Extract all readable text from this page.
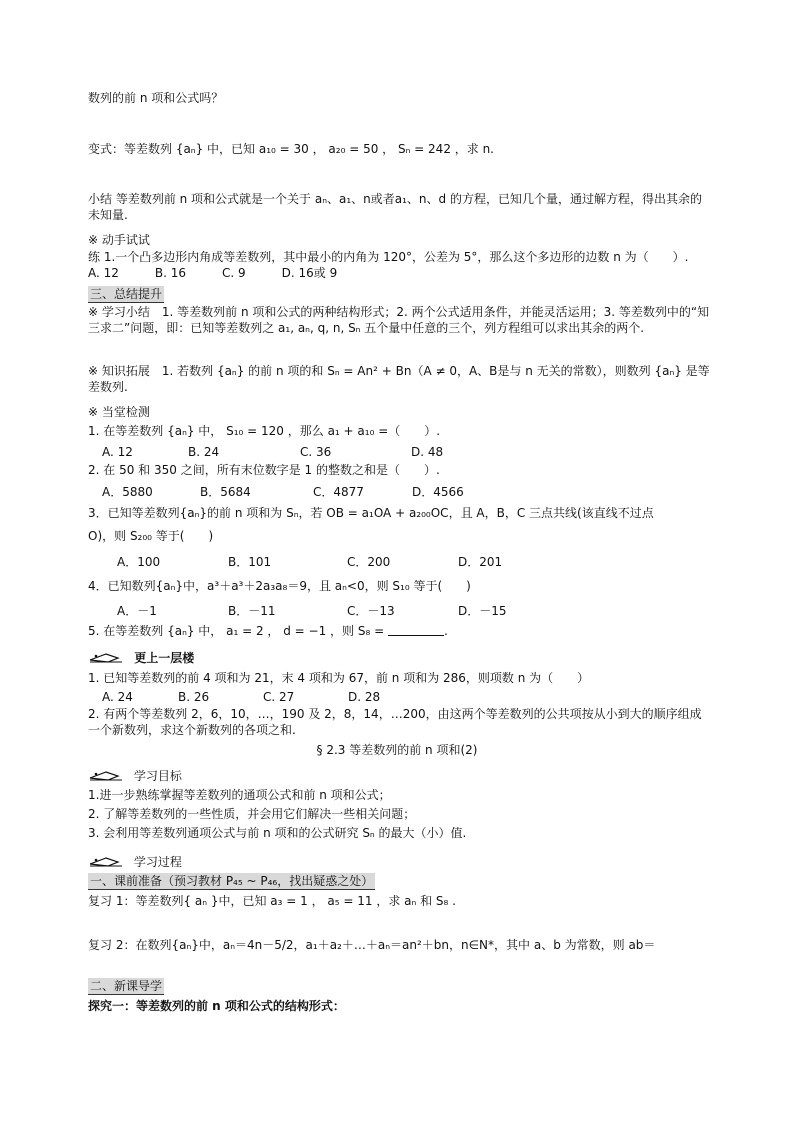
数列的前 n 项和公式吗？
变式：等差数列 {aₙ} 中，已知 a₁₀ = 30 ， a₂₀ = 50 ， Sₙ = 242 ，求 n.
小结 等差数列前 n 项和公式就是一个关于 aₙ、a₁、n或者a₁、n、d 的方程，已知几个量，通过解方程，得出其余的未知量.
※ 动手试试
练 1.一个凸多边形内角成等差数列，其中最小的内角为 120°，公差为 5°，那么这个多边形的边数 n 为（　　）.　A. 12　　　B. 16　　　C. 9　　　D. 16或 9
三、总结提升
※ 学习小结　1. 等差数列前 n 项和公式的两种结构形式；2. 两个公式适用条件，并能灵活运用；3. 等差数列中的“知三求二”问题，即：已知等差数列之 a₁, aₙ, q, n, Sₙ 五个量中任意的三个，列方程组可以求出其余的两个.
※ 知识拓展　1. 若数列 {aₙ} 的前 n 项的和 Sₙ = An² + Bn（A ≠ 0，A、B是与 n 无关的常数），则数列 {aₙ} 是等差数列.
※ 当堂检测
1. 在等差数列 {aₙ} 中， S₁₀ = 120 ，那么 a₁ + a₁₀ =（　　）.
A. 12	B. 24	C. 36	D. 48
2. 在 50 和 350 之间，所有末位数字是 1 的整数之和是（　　）.
A．5880	B．5684	C．4877	D．4566
3．已知等差数列{aₙ}的前 n 项和为 Sₙ，若 OB = a₁OA + a₂₀₀OC，且 A，B，C 三点共线(该直线不过点
O)，则 S₂₀₀ 等于(　　)
A．100	B．101	C．200	D．201
4．已知数列{aₙ}中，a³＋a³＋2a₃a₈＝9，且 aₙ<0，则 S₁₀ 等于(　　)
A．－1	B．－11	C．－13	D．－15
5. 在等差数列 {aₙ} 中， a₁ = 2 ， d = −1 ，则 S₈ =	.
更上一层楼
1. 已知等差数列的前 4 项和为 21，末 4 项和为 67，前 n 项和为 286，则项数 n 为（　　）
A. 24	B. 26	C. 27	D. 28
2. 有两个等差数列 2，6，10，…，190 及 2，8，14，…200，由这两个等差数列的公共项按从小到大的顺序组成一个新数列，求这个新数列的各项之和.
§ 2.3 等差数列的前 n 项和(2)
学习目标
1.进一步熟练掌握等差数列的通项公式和前 n 项和公式；
2. 了解等差数列的一些性质，并会用它们解决一些相关问题；
3. 会利用等差数列通项公式与前 n 项和的公式研究 Sₙ 的最大（小）值.
学习过程
一、课前准备（预习教材 P₄₅ ~ P₄₆，找出疑惑之处）
复习 1：等差数列{ aₙ }中，已知 a₃ = 1 ， a₅ = 11 ，求 aₙ 和 S₈ .
复习 2：在数列{aₙ}中，aₙ＝4n－5/2，a₁＋a₂＋…＋aₙ＝an²＋bn，n∈N*，其中 a、b 为常数，则 ab＝
二、新课导学
探究一：等差数列的前 n 项和公式的结构形式：
